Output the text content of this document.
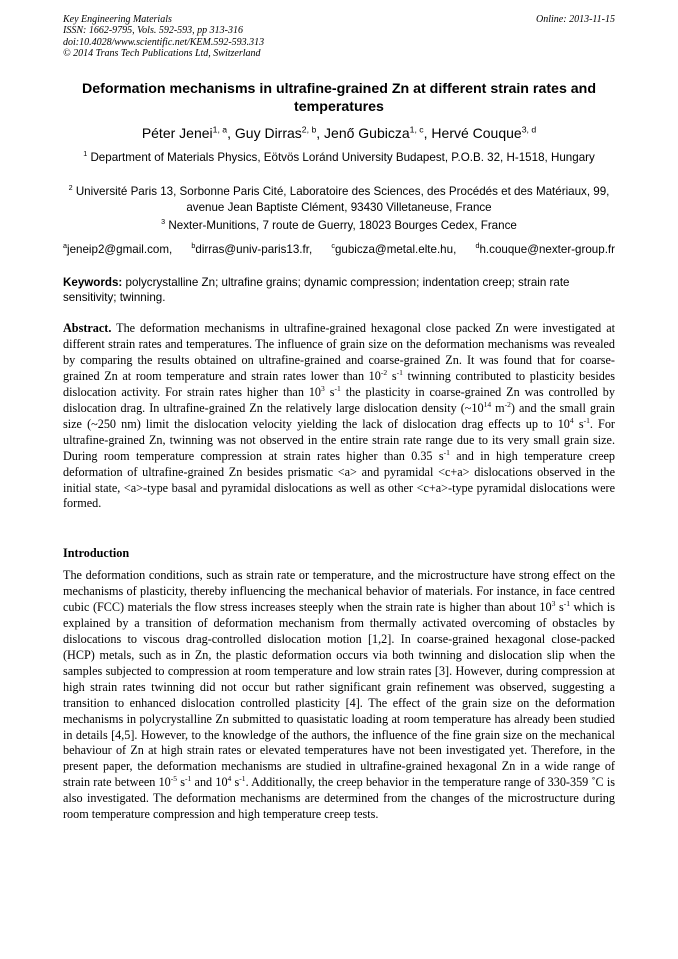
Key Engineering Materials
ISSN: 1662-9795, Vols. 592-593, pp 313-316
doi:10.4028/www.scientific.net/KEM.592-593.313
© 2014 Trans Tech Publications Ltd, Switzerland
Online: 2013-11-15
Deformation mechanisms in ultrafine-grained Zn at different strain rates and temperatures
Péter Jenei$^{1, a}$, Guy Dirras$^{2, b}$, Jenő Gubicza$^{1, c}$, Hervé Couque$^{3, d}$
$^1$ Department of Materials Physics, Eötvös Loránd University Budapest, P.O.B. 32, H-1518, Hungary
$^2$ Université Paris 13, Sorbonne Paris Cité, Laboratoire des Sciences, des Procédés et des Matériaux, 99, avenue Jean Baptiste Clément, 93430 Villetaneuse, France
$^3$ Nexter-Munitions, 7 route de Guerry, 18023 Bourges Cedex, France
$^a$jeneip2@gmail.com,	$^b$dirras@univ-paris13.fr,	$^c$gubicza@metal.elte.hu,	$^d$h.couque@nexter-group.fr
Keywords: polycrystalline Zn; ultrafine grains; dynamic compression; indentation creep; strain rate sensitivity; twinning.
Abstract. The deformation mechanisms in ultrafine-grained hexagonal close packed Zn were investigated at different strain rates and temperatures. The influence of grain size on the deformation mechanisms was revealed by comparing the results obtained on ultrafine-grained and coarse-grained Zn. It was found that for coarse-grained Zn at room temperature and strain rates lower than $10^{-2}$ $s^{-1}$ twinning contributed to plasticity besides dislocation activity. For strain rates higher than $10^3$ $s^{-1}$ the plasticity in coarse-grained Zn was controlled by dislocation drag. In ultrafine-grained Zn the relatively large dislocation density ($\sim 10^{14}$ $m^{-2}$) and the small grain size (~250 nm) limit the dislocation velocity yielding the lack of dislocation drag effects up to $10^4$ $s^{-1}$. For ultrafine-grained Zn, twinning was not observed in the entire strain rate range due to its very small grain size. During room temperature compression at strain rates higher than 0.35 $s^{-1}$ and in high temperature creep deformation of ultrafine-grained Zn besides prismatic <a> and pyramidal <c+a> dislocations observed in the initial state, <a>-type basal and pyramidal dislocations as well as other <c+a>-type pyramidal dislocations were formed.
Introduction
The deformation conditions, such as strain rate or temperature, and the microstructure have strong effect on the mechanisms of plasticity, thereby influencing the mechanical behavior of materials. For instance, in face centred cubic (FCC) materials the flow stress increases steeply when the strain rate is higher than about $10^3$ $s^{-1}$ which is explained by a transition of deformation mechanism from thermally activated overcoming of obstacles by dislocations to viscous drag-controlled dislocation motion [1,2]. In coarse-grained hexagonal close-packed (HCP) metals, such as in Zn, the plastic deformation occurs via both twinning and dislocation slip when the samples subjected to compression at room temperature and low strain rates [3]. However, during compression at high strain rates twinning did not occur but rather significant grain refinement was observed, suggesting a transition to enhanced dislocation controlled plasticity [4]. The effect of the grain size on the deformation mechanisms in polycrystalline Zn submitted to quasistatic loading at room temperature has already been studied in details [4,5]. However, to the knowledge of the authors, the influence of the fine grain size on the mechanical behaviour of Zn at high strain rates or elevated temperatures have not been investigated yet. Therefore, in the present paper, the deformation mechanisms are studied in ultrafine-grained hexagonal Zn in a wide range of strain rate between $10^{-5}$ $s^{-1}$ and $10^4$ $s^{-1}$. Additionally, the creep behavior in the temperature range of 330-359 ˚C is also investigated. The deformation mechanisms are determined from the changes of the microstructure during room temperature compression and high temperature creep tests.
